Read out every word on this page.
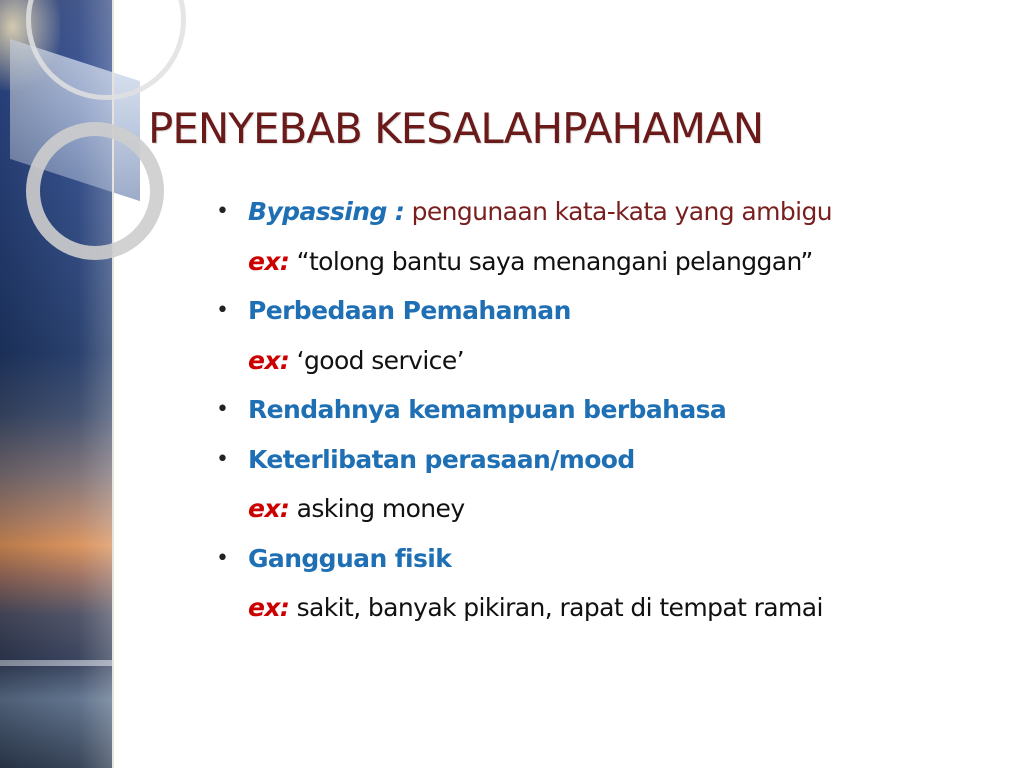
PENYEBAB KESALAHPAHAMAN
• Bypassing : pengunaan kata-kata yang ambigu
ex: “tolong bantu saya menangani pelanggan”
• Perbedaan Pemahaman
ex: ‘good service’
• Rendahnya kemampuan berbahasa
• Keterlibatan perasaan/mood
ex: asking money
• Gangguan fisik
ex: sakit, banyak pikiran, rapat di tempat ramai
